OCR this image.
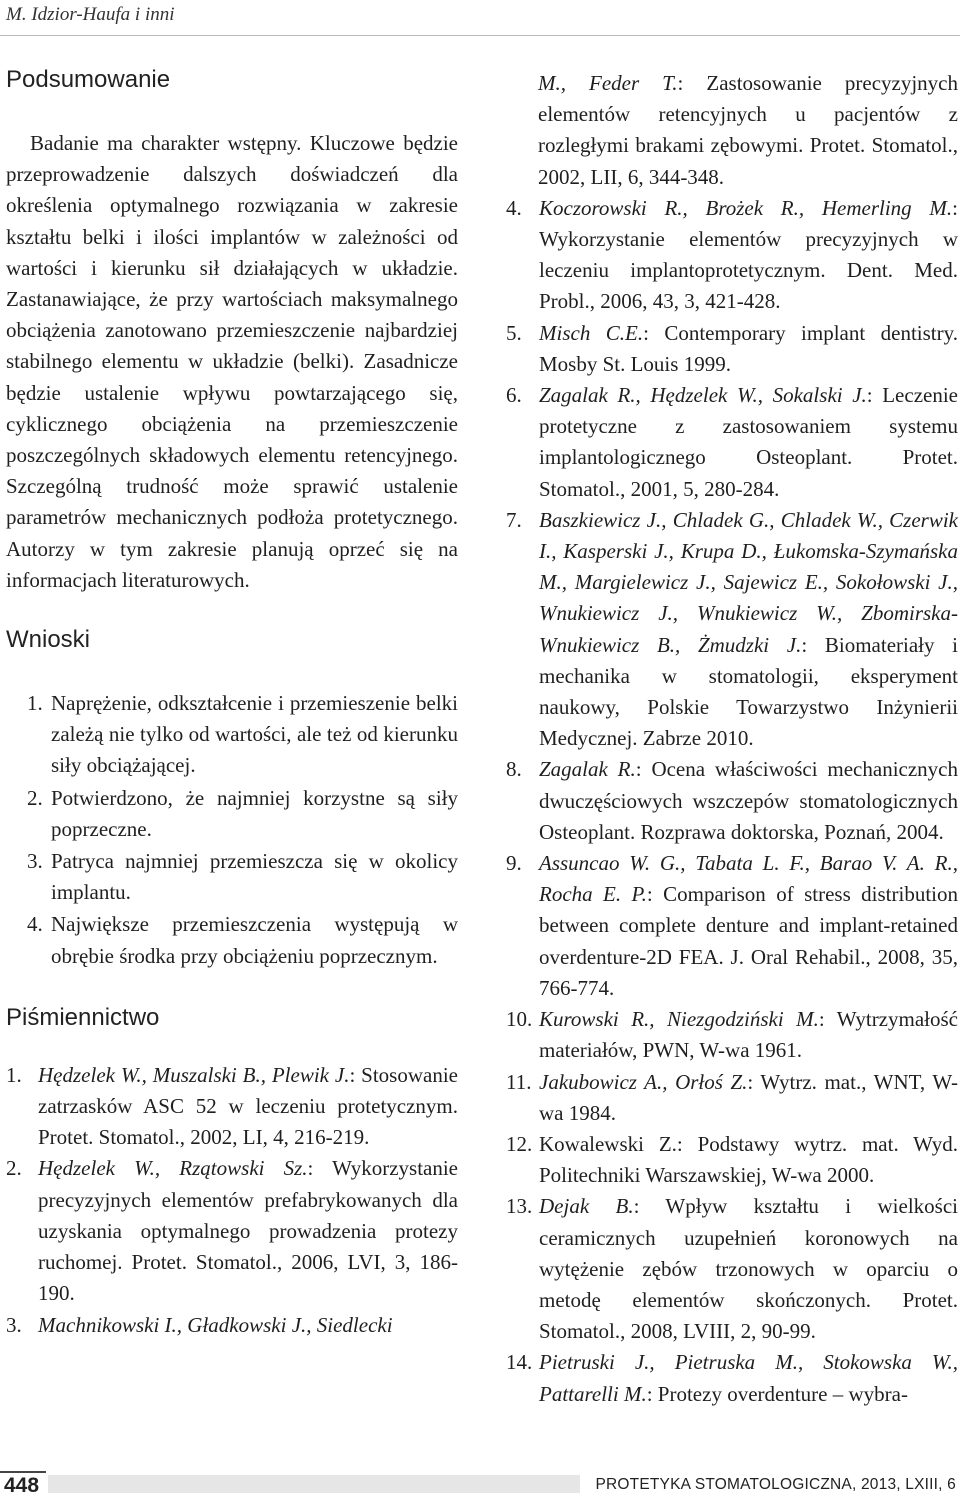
M. Idzior-Haufa i inni
Podsumowanie

Badanie ma charakter wstępny. Kluczowe będzie przeprowadzenie dalszych doświadczeń dla określenia optymalnego rozwiązania w zakresie kształtu belki i ilości implantów w zależności od wartości i kierunku sił działających w układzie. Zastanawiające, że przy wartościach maksymalnego obciążenia zanotowano przemieszczenie najbardziej stabilnego elementu w układzie (belki). Zasadnicze będzie ustalenie wpływu powtarzającego się, cyklicznego obciążenia na przemieszczenie poszczególnych składowych elementu retencyjnego. Szczególną trudność może sprawić ustalenie parametrów mechanicznych podłoża protetycznego. Autorzy w tym zakresie planują oprzeć się na informacjach literaturowych.

Wnioski
1. Naprężenie, odkształcenie i przemieszenie belki zależą nie tylko od wartości, ale też od kierunku siły obciążającej.
2. Potwierdzono, że najmniej korzystne są siły poprzeczne.
3. Patryca najmniej przemieszcza się w okolicy implantu.
4. Największe przemieszczenia występują w obrębie środka przy obciążeniu poprzecznym.
Piśmiennictwo
1. Hędzelek W., Muszalski B., Plewik J.: Stosowanie zatrzasków ASC 52 w leczeniu protetycznym. Protet. Stomatol., 2002, LI, 4, 216-219.
2. Hędzelek W., Rzątowski Sz.: Wykorzystanie precyzyjnych elementów prefabrykowanych dla uzyskania optymalnego prowadzenia protezy ruchomej. Protet. Stomatol., 2006, LVI, 3, 186-190.
3. Machnikowski I., Gładkowski J., Siedlecki
M., Feder T.: Zastosowanie precyzyjnych elementów retencyjnych u pacjentów z rozległymi brakami zębowymi. Protet. Stomatol., 2002, LII, 6, 344-348.
4. Koczorowski R., Brożek R., Hemerling M.: Wykorzystanie elementów precyzyjnych w leczeniu implantoprotetycznym. Dent. Med. Probl., 2006, 43, 3, 421-428.
5. Misch C.E.: Contemporary implant dentistry. Mosby St. Louis 1999.
6. Zagalak R., Hędzelek W., Sokalski J.: Leczenie protetyczne z zastosowaniem systemu implantologicznego Osteoplant. Protet. Stomatol., 2001, 5, 280-284.
7. Baszkiewicz J., Chladek G., Chladek W., Czerwik I., Kasperski J., Krupa D., Łukomska-Szymańska M., Margielewicz J., Sajewicz E., Sokołowski J., Wnukiewicz J., Wnukiewicz W., Zbomirska-Wnukiewicz B., Żmudzki J.: Biomateriały i mechanika w stomatologii, eksperyment naukowy, Polskie Towarzystwo Inżynierii Medycznej. Zabrze 2010.
8. Zagalak R.: Ocena właściwości mechanicznych dwuczęściowych wszczepów stomatologicznych Osteoplant. Rozprawa doktorska, Poznań, 2004.
9. Assuncao W. G., Tabata L. F., Barao V. A. R., Rocha E. P.: Comparison of stress distribution between complete denture and implant-retained overdenture-2D FEA. J. Oral Rehabil., 2008, 35, 766-774.
10. Kurowski R., Niezgodziński M.: Wytrzymałość materiałów, PWN, W-wa 1961.
11. Jakubowicz A., Orłoś Z.: Wytrz. mat., WNT, W-wa 1984.
12. Kowalewski Z.: Podstawy wytrz. mat. Wyd. Politechniki Warszawskiej, W-wa 2000.
13. Dejak B.: Wpływ kształtu i wielkości ceramicznych uzupełnień koronowych na wytężenie zębów trzonowych w oparciu o metodę elementów skończonych. Protet. Stomatol., 2008, LVIII, 2, 90-99.
14. Pietruski J., Pietruska M., Stokowska W., Pattarelli M.: Protezy overdenture – wybra-
448	PROTETYKA STOMATOLOGICZNA, 2013, LXIII, 6
